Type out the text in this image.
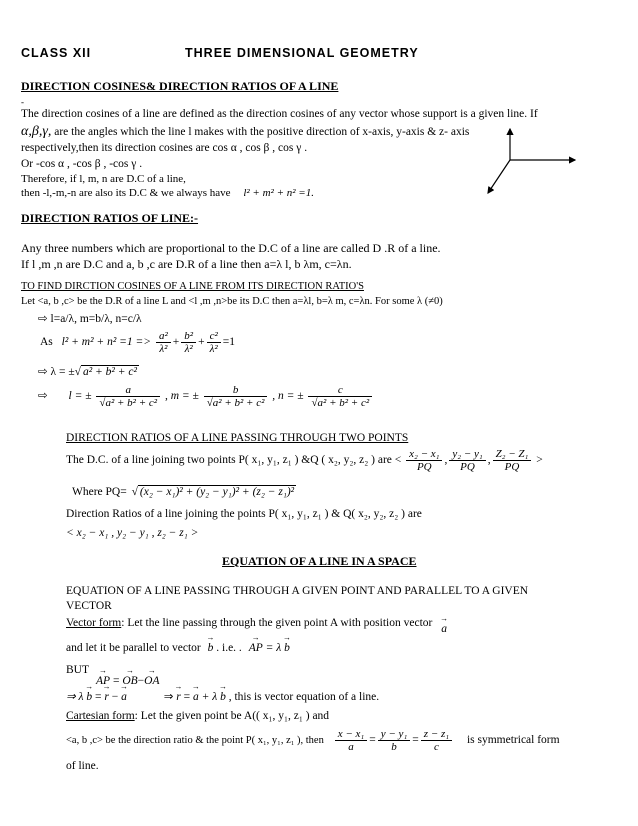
CLASS XII	THREE DIMENSIONAL GEOMETRY
DIRECTION COSINES& DIRECTION RATIOS OF A LINE
-
The direction cosines of a line are defined as the direction cosines of any vector whose support is a given line. If
α,β,γ, are the angles which the line l makes with the positive direction of x-axis, y-axis & z- axis
respectively,then its direction cosines are cos α , cos β , cos γ .
Or -cos α , -cos β , -cos γ .
Therefore, if l, m, n are D.C of a line,
then -l,-m,-n are also its D.C & we always have l² + m² + n² =1.
DIRECTION RATIOS OF LINE:-
Any three numbers which are proportional to the D.C of a line are called D .R of a line.
If l ,m ,n are D.C and a, b ,c are D.R of a line then a=λ l, b λm, c=λn.
TO FIND DIRCTION COSINES OF A LINE FROM ITS DIRECTION RATIO'S
Let <a, b ,c> be the D.R of a line L and <l ,m ,n>be its D.C then a=λl, b=λ m, c=λn. For some λ (≠0)
⇨ l=a/λ, m=b/λ, n=c/λ
As $l^2 + m^2 + n^2 =1 => \frac{\text{a²}}{\text{λ²}} + \frac{\text{b²}}{\text{λ²}} + \frac{\text{c²}}{\text{λ²}} =1$
⇨ λ = ±√ a² + b² + c²
⇨ l = ± $\frac{a}{\text{√a² + b² + c²}}$ , m = ± $\frac{b}{\text{√a² + b² + c²}}$ , n = ± $\frac{c}{\text{√a² + b² + c²}}$
DIRECTION RATIOS OF A LINE PASSING THROUGH TWO POINTS
The D.C. of a line joining two points P( x₁, y₁, z₁ ) &Q ( x₂, y₂, z₂ ) are < $\frac{\text{x₂ − x₁}}{PQ}$ , $\frac{\text{y₂ − y₁}}{PQ}$ , $\frac{\text{Z₂ − Z₁}}{PQ}$ >
Where PQ= √ (x₂ − x₁)² + (y₂ − y₁)² + (z₂ − z₁)²
Direction Ratios of a line joining the points P( x₁, y₁, z₁ ) & Q( x₂, y₂, z₂ ) are
< x₂ − x₁ , y₂ − y₁ , z₂ − z₁ >
EQUATION OF A LINE IN A SPACE
EQUATION OF A LINE PASSING THROUGH A GIVEN POINT AND PARALLEL TO A GIVEN
VECTOR
Vector form: Let the line passing through the given point A with position vector → a
and let it be parallel to vector → b . i.e. . → AP = λ → b
BUT
→ AP = → OB−→ OA
⇒ λ → b = → r − → a	⇒ → r = → a + λ → b , this is vector equation of a line.
Cartesian form: Let the given point be A(( x₁, y₁, z₁ ) and
<a, b ,c> be the direction ratio & the point P( x₁, y₁, z₁ ), then $\frac{\text{x − x₁}}{a} = \frac{\text{y − y₁}}{b} = \frac{\text{z − z₁}}{c}$ is symmetrical form
of line.
